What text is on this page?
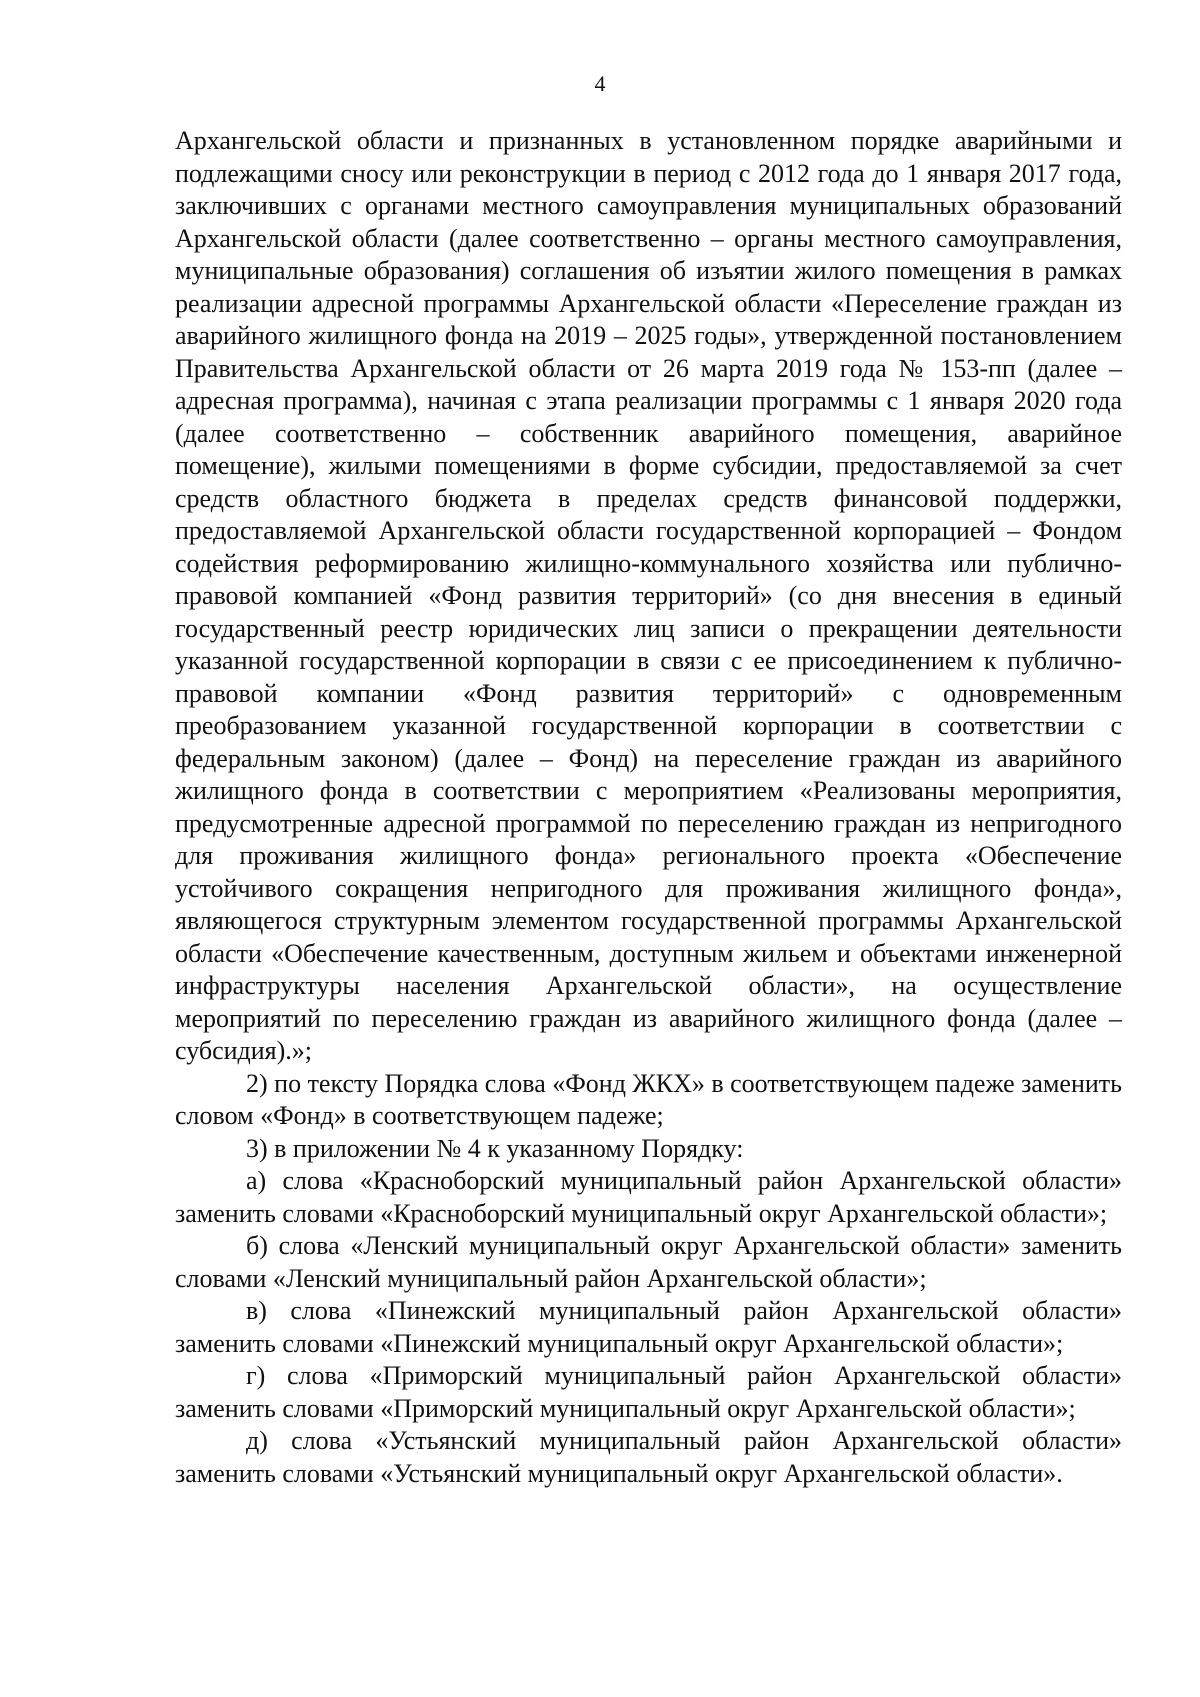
4

Архангельской области и признанных в установленном порядке аварийными и подлежащими сносу или реконструкции в период с 2012 года до 1 января 2017 года, заключивших с органами местного самоуправления муниципальных образований Архангельской области (далее соответственно – органы местного самоуправления, муниципальные образования) соглашения об изъятии жилого помещения в рамках реализации адресной программы Архангельской области «Переселение граждан из аварийного жилищного фонда на 2019 – 2025 годы», утвержденной постановлением Правительства Архангельской области от 26 марта 2019 года № 153-пп (далее – адресная программа), начиная с этапа реализации программы с 1 января 2020 года (далее соответственно – собственник аварийного помещения, аварийное помещение), жилыми помещениями в форме субсидии, предоставляемой за счет средств областного бюджета в пределах средств финансовой поддержки, предоставляемой Архангельской области государственной корпорацией – Фондом содействия реформированию жилищно-коммунального хозяйства или публично-правовой компанией «Фонд развития территорий» (со дня внесения в единый государственный реестр юридических лиц записи о прекращении деятельности указанной государственной корпорации в связи с ее присоединением к публично-правовой компании «Фонд развития территорий» с одновременным преобразованием указанной государственной корпорации в соответствии с федеральным законом) (далее – Фонд) на переселение граждан из аварийного жилищного фонда в соответствии с мероприятием «Реализованы мероприятия, предусмотренные адресной программой по переселению граждан из непригодного для проживания жилищного фонда» регионального проекта «Обеспечение устойчивого сокращения непригодного для проживания жилищного фонда», являющегося структурным элементом государственной программы Архангельской области «Обеспечение качественным, доступным жильем и объектами инженерной инфраструктуры населения Архангельской области», на осуществление мероприятий по переселению граждан из аварийного жилищного фонда (далее – субсидия).»;

2) по тексту Порядка слова «Фонд ЖКХ» в соответствующем падеже заменить словом «Фонд» в соответствующем падеже;

3) в приложении № 4 к указанному Порядку:

а) слова «Красноборский муниципальный район Архангельской области» заменить словами «Красноборский муниципальный округ Архангельской области»;

б) слова «Ленский муниципальный округ Архангельской области» заменить словами «Ленский муниципальный район Архангельской области»;

в) слова «Пинежский муниципальный район Архангельской области» заменить словами «Пинежский муниципальный округ Архангельской области»;

г) слова «Приморский муниципальный район Архангельской области» заменить словами «Приморский муниципальный округ Архангельской области»;

д) слова «Устьянский муниципальный район Архангельской области» заменить словами «Устьянский муниципальный округ Архангельской области».
